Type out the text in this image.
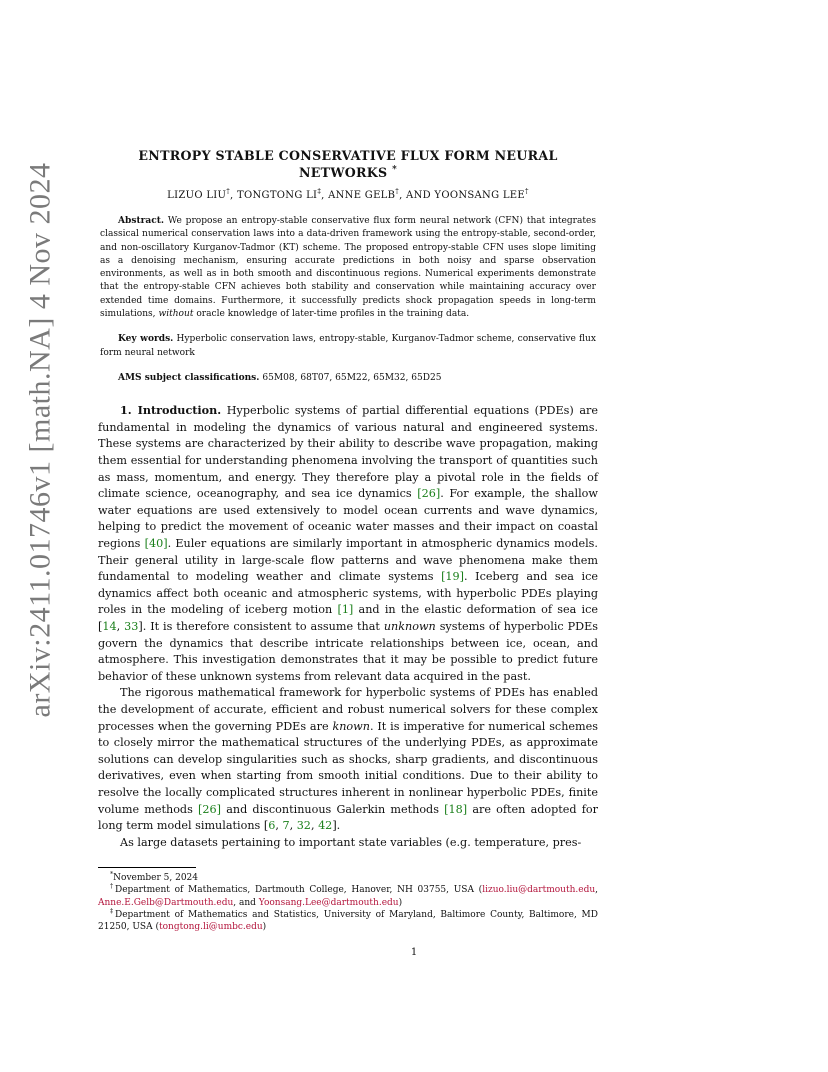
arXiv:2411.01746v1 [math.NA] 4 Nov 2024
ENTROPY STABLE CONSERVATIVE FLUX FORM NEURAL NETWORKS *
LIZUO LIU†, TONGTONG LI‡, ANNE GELB†, AND YOONSANG LEE†

Abstract. We propose an entropy-stable conservative flux form neural network (CFN) that integrates classical numerical conservation laws into a data-driven framework using the entropy-stable, second-order, and non-oscillatory Kurganov-Tadmor (KT) scheme. The proposed entropy-stable CFN uses slope limiting as a denoising mechanism, ensuring accurate predictions in both noisy and sparse observation environments, as well as in both smooth and discontinuous regions. Numerical experiments demonstrate that the entropy-stable CFN achieves both stability and conservation while maintaining accuracy over extended time domains. Furthermore, it successfully predicts shock propagation speeds in long-term simulations, without oracle knowledge of later-time profiles in the training data.

Key words. Hyperbolic conservation laws, entropy-stable, Kurganov-Tadmor scheme, conservative flux form neural network

AMS subject classifications. 65M08, 68T07, 65M22, 65M32, 65D25

1. Introduction. Hyperbolic systems of partial differential equations (PDEs) are fundamental in modeling the dynamics of various natural and engineered systems. These systems are characterized by their ability to describe wave propagation, making them essential for understanding phenomena involving the transport of quantities such as mass, momentum, and energy. They therefore play a pivotal role in the fields of climate science, oceanography, and sea ice dynamics [26]. For example, the shallow water equations are used extensively to model ocean currents and wave dynamics, helping to predict the movement of oceanic water masses and their impact on coastal regions [40]. Euler equations are similarly important in atmospheric dynamics models. Their general utility in large-scale flow patterns and wave phenomena make them fundamental to modeling weather and climate systems [19]. Iceberg and sea ice dynamics affect both oceanic and atmospheric systems, with hyperbolic PDEs playing roles in the modeling of iceberg motion [1] and in the elastic deformation of sea ice [14, 33]. It is therefore consistent to assume that unknown systems of hyperbolic PDEs govern the dynamics that describe intricate relationships between ice, ocean, and atmosphere. This investigation demonstrates that it may be possible to predict future behavior of these unknown systems from relevant data acquired in the past.

The rigorous mathematical framework for hyperbolic systems of PDEs has enabled the development of accurate, efficient and robust numerical solvers for these complex processes when the governing PDEs are known. It is imperative for numerical schemes to closely mirror the mathematical structures of the underlying PDEs, as approximate solutions can develop singularities such as shocks, sharp gradients, and discontinuous derivatives, even when starting from smooth initial conditions. Due to their ability to resolve the locally complicated structures inherent in nonlinear hyperbolic PDEs, finite volume methods [26] and discontinuous Galerkin methods [18] are often adopted for long term model simulations [6, 7, 32, 42].

As large datasets pertaining to important state variables (e.g. temperature, pres-

*November 5, 2024

†Department of Mathematics, Dartmouth College, Hanover, NH 03755, USA (lizuo.liu@dartmouth.edu, Anne.E.Gelb@Dartmouth.edu, and Yoonsang.Lee@dartmouth.edu)

‡Department of Mathematics and Statistics, University of Maryland, Baltimore County, Baltimore, MD 21250, USA (tongtong.li@umbc.edu)

1
